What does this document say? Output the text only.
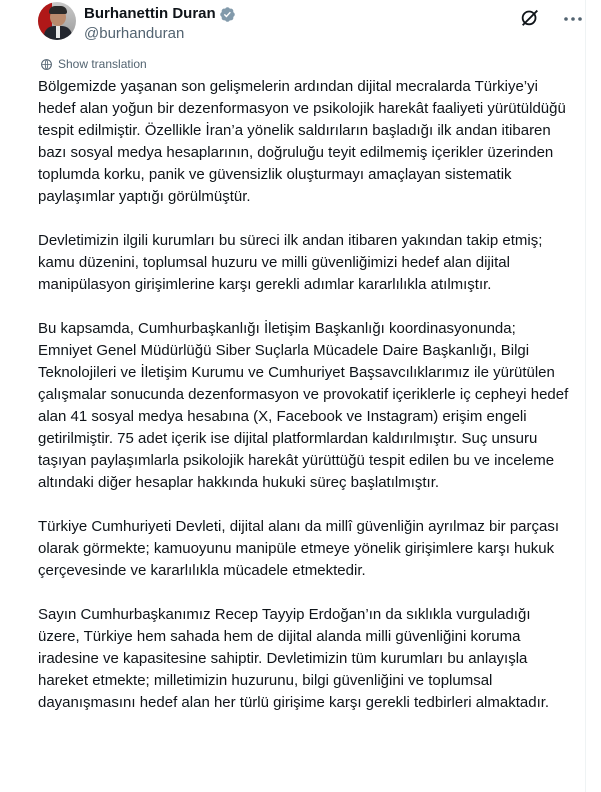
Burhanettin Duran
@burhanduran
Show translation

Bölgemizde yaşanan son gelişmelerin ardından dijital mecralarda Türkiye’yi hedef alan yoğun bir dezenformasyon ve psikolojik harekât faaliyeti yürütüldüğü tespit edilmiştir. Özellikle İran’a yönelik saldırıların başladığı ilk andan itibaren bazı sosyal medya hesaplarının, doğruluğu teyit edilmemiş içerikler üzerinden toplumda korku, panik ve güvensizlik oluşturmayı amaçlayan sistematik paylaşımlar yaptığı görülmüştür.

Devletimizin ilgili kurumları bu süreci ilk andan itibaren yakından takip etmiş; kamu düzenini, toplumsal huzuru ve milli güvenliğimizi hedef alan dijital manipülasyon girişimlerine karşı gerekli adımlar kararlılıkla atılmıştır.

Bu kapsamda, Cumhurbaşkanlığı İletişim Başkanlığı koordinasyonunda; Emniyet Genel Müdürlüğü Siber Suçlarla Mücadele Daire Başkanlığı, Bilgi Teknolojileri ve İletişim Kurumu ve Cumhuriyet Başsavcılıklarımız ile yürütülen çalışmalar sonucunda dezenformasyon ve provokatif içeriklerle iç cepheyi hedef alan 41 sosyal medya hesabına (X, Facebook ve Instagram) erişim engeli getirilmiştir. 75 adet içerik ise dijital platformlardan kaldırılmıştır. Suç unsuru taşıyan paylaşımlarla psikolojik harekât yürüttüğü tespit edilen bu ve inceleme altındaki diğer hesaplar hakkında hukuki süreç başlatılmıştır.

Türkiye Cumhuriyeti Devleti, dijital alanı da millî güvenliğin ayrılmaz bir parçası olarak görmekte; kamuoyunu manipüle etmeye yönelik girişimlere karşı hukuk çerçevesinde ve kararlılıkla mücadele etmektedir.

Sayın Cumhurbaşkanımız Recep Tayyip Erdoğan’ın da sıklıkla vurguladığı üzere, Türkiye hem sahada hem de dijital alanda milli güvenliğini koruma iradesine ve kapasitesine sahiptir. Devletimizin tüm kurumları bu anlayışla hareket etmekte; milletimizin huzurunu, bilgi güvenliğini ve toplumsal dayanışmasını hedef alan her türlü girişime karşı gerekli tedbirleri almaktadır.
